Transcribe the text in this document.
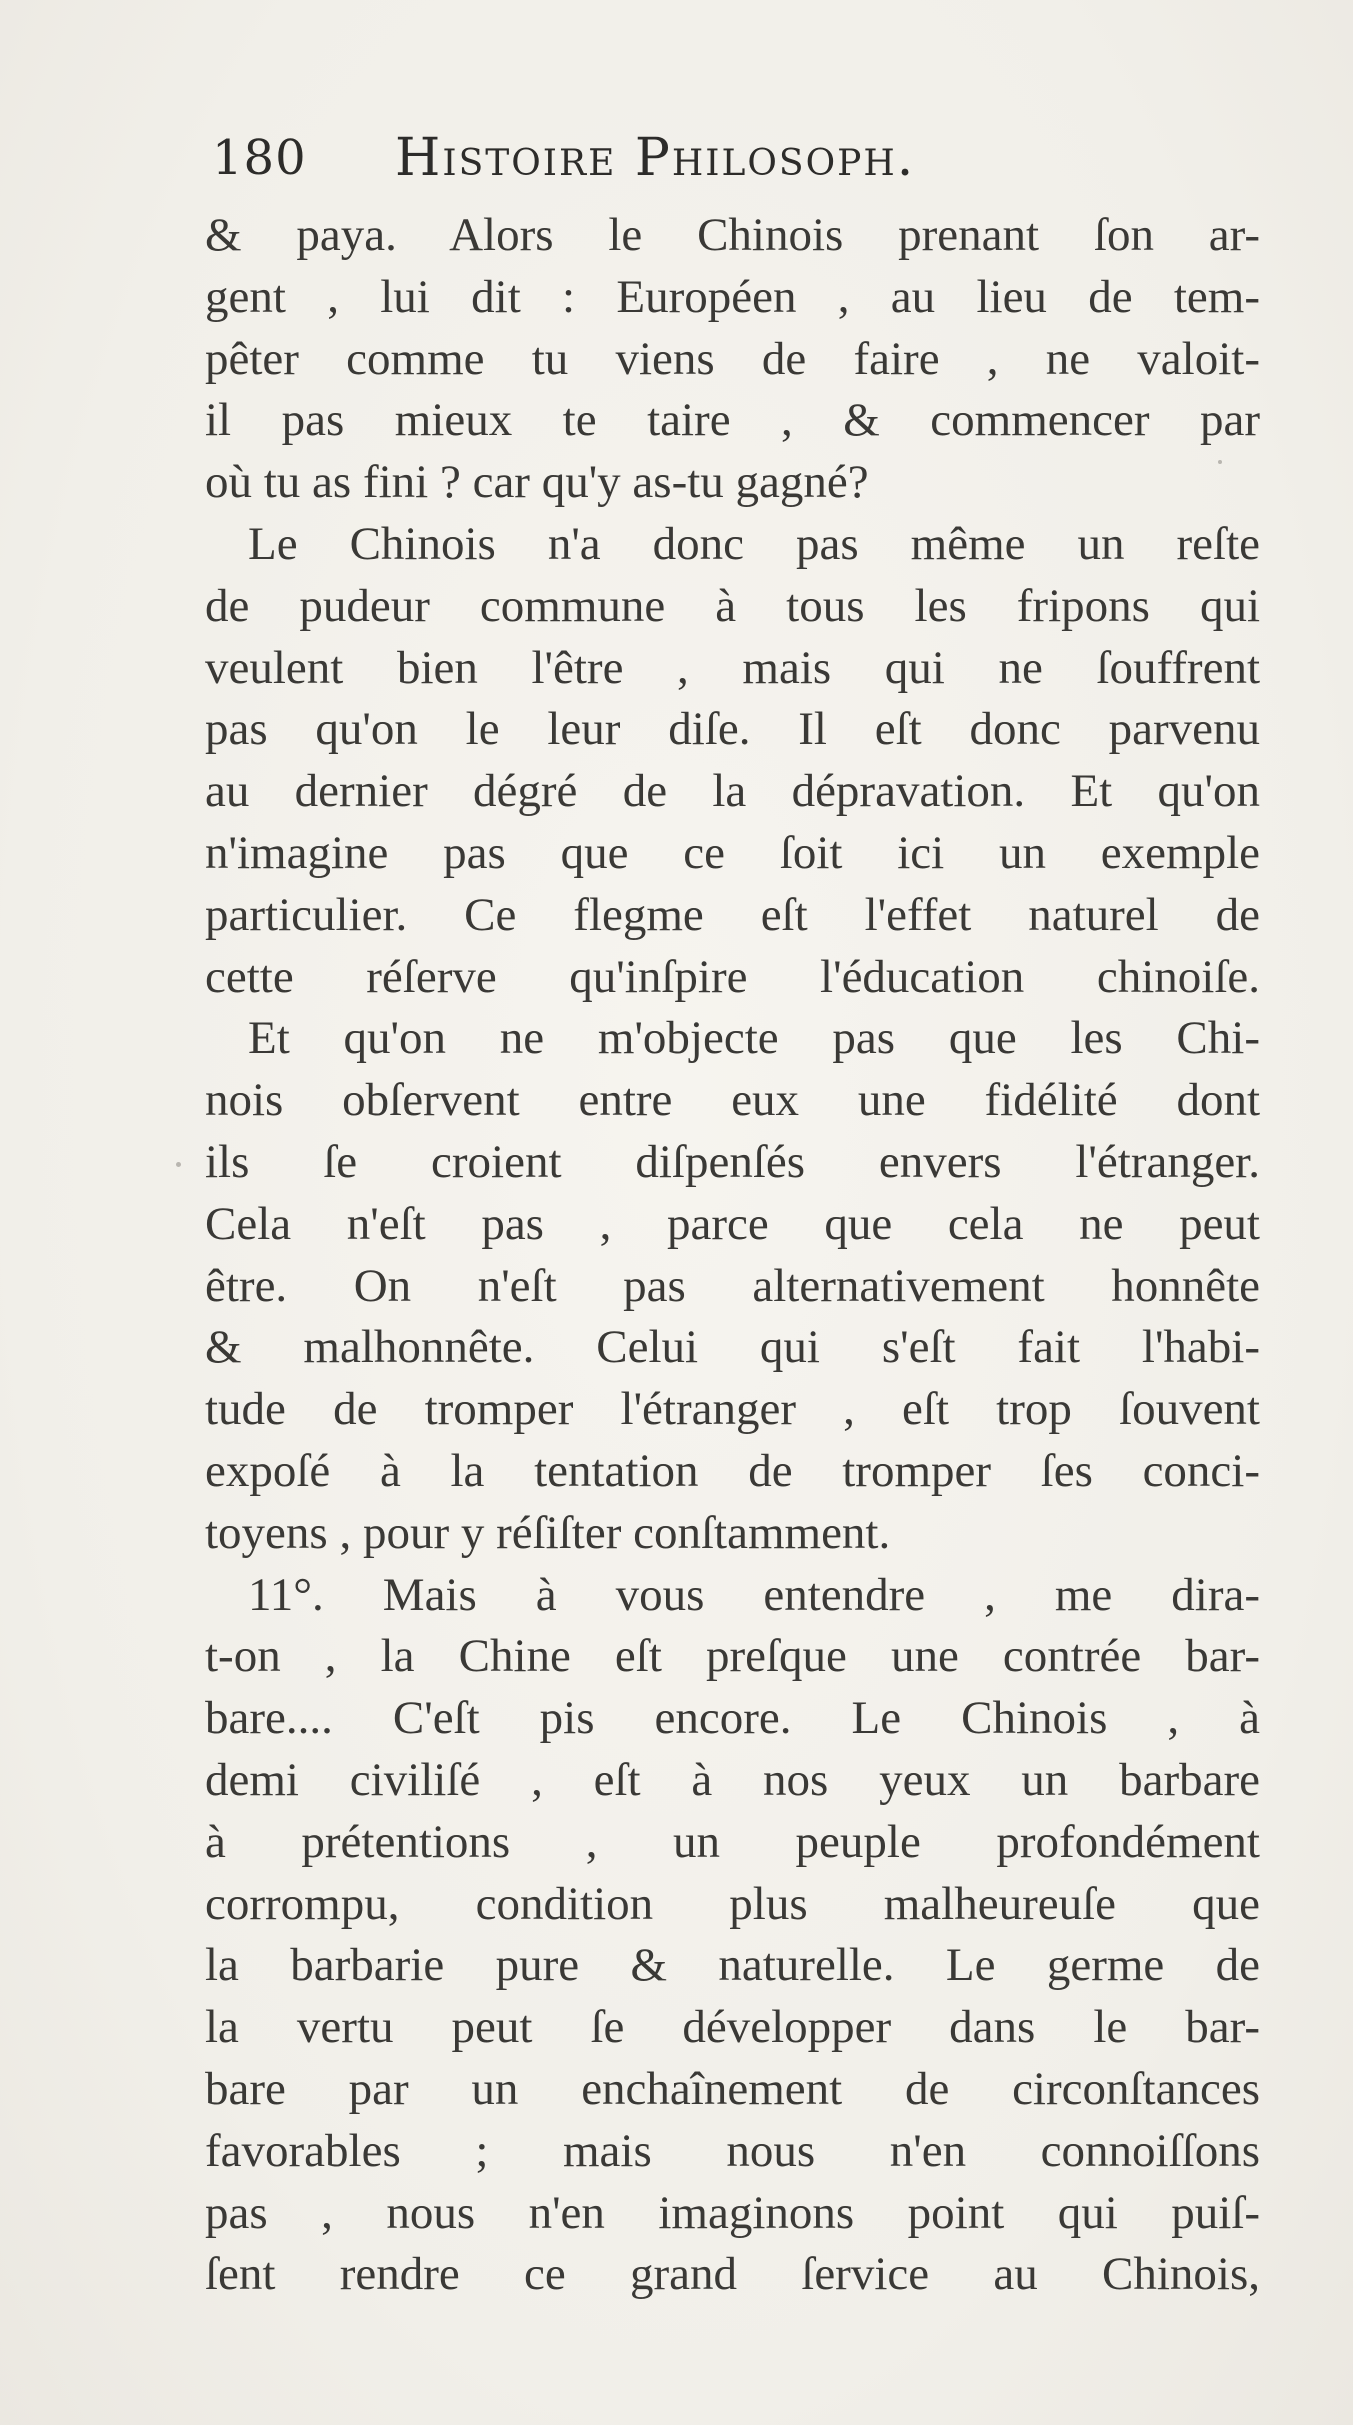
180 Histoire Philosoph.
& paya. Alors le Chinois prenant ſon ar-
gent , lui dit : Européen , au lieu de tem-
pêter comme tu viens de faire , ne valoit-
il pas mieux te taire , & commencer par
où tu as fini ? car qu'y as-tu gagné?
Le Chinois n'a donc pas même un reſte
de pudeur commune à tous les fripons qui
veulent bien l'être , mais qui ne ſouffrent
pas qu'on le leur diſe. Il eſt donc parvenu
au dernier dégré de la dépravation. Et qu'on
n'imagine pas que ce ſoit ici un exemple
particulier. Ce flegme eſt l'effet naturel de
cette réſerve qu'inſpire l'éducation chinoiſe.
Et qu'on ne m'objecte pas que les Chi-
nois obſervent entre eux une fidélité dont
ils ſe croient diſpenſés envers l'étranger.
Cela n'eſt pas , parce que cela ne peut
être. On n'eſt pas alternativement honnête
& malhonnête. Celui qui s'eſt fait l'habi-
tude de tromper l'étranger , eſt trop ſouvent
expoſé à la tentation de tromper ſes conci-
toyens , pour y réſiſter conſtamment.
11°. Mais à vous entendre , me dira-
t-on , la Chine eſt preſque une contrée bar-
bare.... C'eſt pis encore. Le Chinois , à
demi civiliſé , eſt à nos yeux un barbare
à prétentions , un peuple profondément
corrompu, condition plus malheureuſe que
la barbarie pure & naturelle. Le germe de
la vertu peut ſe développer dans le bar-
bare par un enchaînement de circonſtances
favorables ; mais nous n'en connoiſſons
pas , nous n'en imaginons point qui puiſ-
ſent rendre ce grand ſervice au Chinois,
